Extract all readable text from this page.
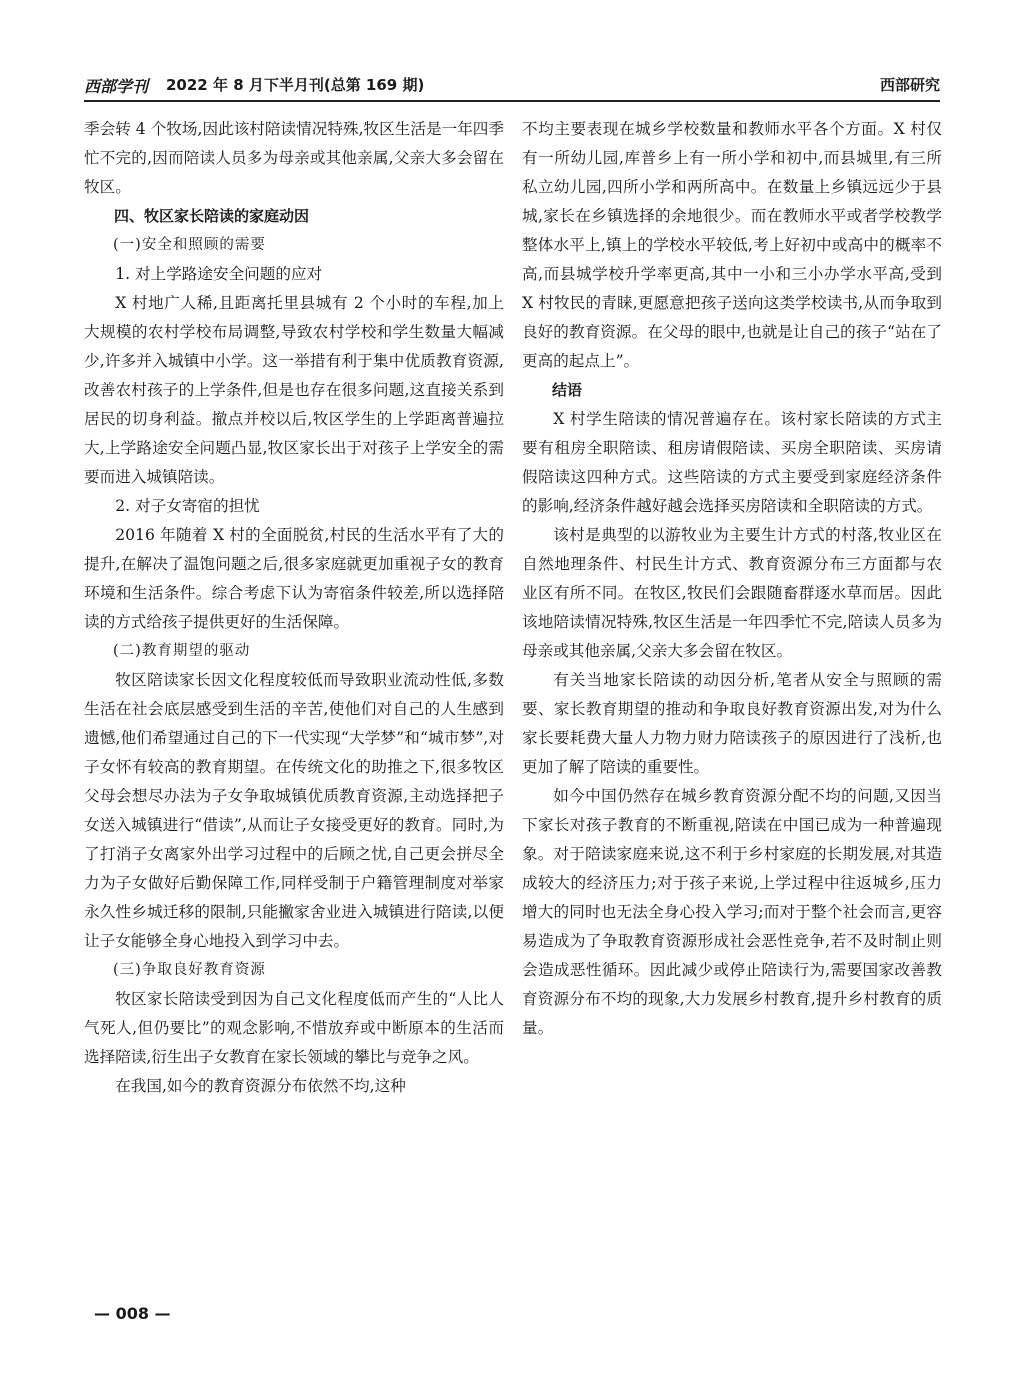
西部学刊 2022 年 8 月下半月刊(总第 169 期)	西部研究

季会转 4 个牧场,因此该村陪读情况特殊,牧区生活是一年四季忙不完的,因而陪读人员多为母亲或其他亲属,父亲大多会留在牧区。

四、牧区家长陪读的家庭动因

(一)安全和照顾的需要

1. 对上学路途安全问题的应对

X 村地广人稀,且距离托里县城有 2 个小时的车程,加上大规模的农村学校布局调整,导致农村学校和学生数量大幅减少,许多并入城镇中小学。这一举措有利于集中优质教育资源,改善农村孩子的上学条件,但是也存在很多问题,这直接关系到居民的切身利益。撤点并校以后,牧区学生的上学距离普遍拉大,上学路途安全问题凸显,牧区家长出于对孩子上学安全的需要而进入城镇陪读。

2. 对子女寄宿的担忧

2016 年随着 X 村的全面脱贫,村民的生活水平有了大的提升,在解决了温饱问题之后,很多家庭就更加重视子女的教育环境和生活条件。综合考虑下认为寄宿条件较差,所以选择陪读的方式给孩子提供更好的生活保障。

(二)教育期望的驱动

牧区陪读家长因文化程度较低而导致职业流动性低,多数生活在社会底层感受到生活的辛苦,使他们对自己的人生感到遗憾,他们希望通过自己的下一代实现“大学梦”和“城市梦”,对子女怀有较高的教育期望。在传统文化的助推之下,很多牧区父母会想尽办法为子女争取城镇优质教育资源,主动选择把子女送入城镇进行“借读”,从而让子女接受更好的教育。同时,为了打消子女离家外出学习过程中的后顾之忧,自己更会拼尽全力为子女做好后勤保障工作,同样受制于户籍管理制度对举家永久性乡城迁移的限制,只能撇家舍业进入城镇进行陪读,以便让子女能够全身心地投入到学习中去。

(三)争取良好教育资源

牧区家长陪读受到因为自己文化程度低而产生的“人比人气死人,但仍要比”的观念影响,不惜放弃或中断原本的生活而选择陪读,衍生出子女教育在家长领域的攀比与竞争之风。

在我国,如今的教育资源分布依然不均,这种

不均主要表现在城乡学校数量和教师水平各个方面。X 村仅有一所幼儿园,库普乡上有一所小学和初中,而县城里,有三所私立幼儿园,四所小学和两所高中。在数量上乡镇远远少于县城,家长在乡镇选择的余地很少。而在教师水平或者学校教学整体水平上,镇上的学校水平较低,考上好初中或高中的概率不高,而县城学校升学率更高,其中一小和三小办学水平高,受到 X 村牧民的青睐,更愿意把孩子送向这类学校读书,从而争取到良好的教育资源。在父母的眼中,也就是让自己的孩子“站在了更高的起点上”。

结语

X 村学生陪读的情况普遍存在。该村家长陪读的方式主要有租房全职陪读、租房请假陪读、买房全职陪读、买房请假陪读这四种方式。这些陪读的方式主要受到家庭经济条件的影响,经济条件越好越会选择买房陪读和全职陪读的方式。

该村是典型的以游牧业为主要生计方式的村落,牧业区在自然地理条件、村民生计方式、教育资源分布三方面都与农业区有所不同。在牧区,牧民们会跟随畜群逐水草而居。因此该地陪读情况特殊,牧区生活是一年四季忙不完,陪读人员多为母亲或其他亲属,父亲大多会留在牧区。

有关当地家长陪读的动因分析,笔者从安全与照顾的需要、家长教育期望的推动和争取良好教育资源出发,对为什么家长要耗费大量人力物力财力陪读孩子的原因进行了浅析,也更加了解了陪读的重要性。

如今中国仍然存在城乡教育资源分配不均的问题,又因当下家长对孩子教育的不断重视,陪读在中国已成为一种普遍现象。对于陪读家庭来说,这不利于乡村家庭的长期发展,对其造成较大的经济压力;对于孩子来说,上学过程中往返城乡,压力增大的同时也无法全身心投入学习;而对于整个社会而言,更容易造成为了争取教育资源形成社会恶性竞争,若不及时制止则会造成恶性循环。因此减少或停止陪读行为,需要国家改善教育资源分布不均的现象,大力发展乡村教育,提升乡村教育的质量。

— 008 —
